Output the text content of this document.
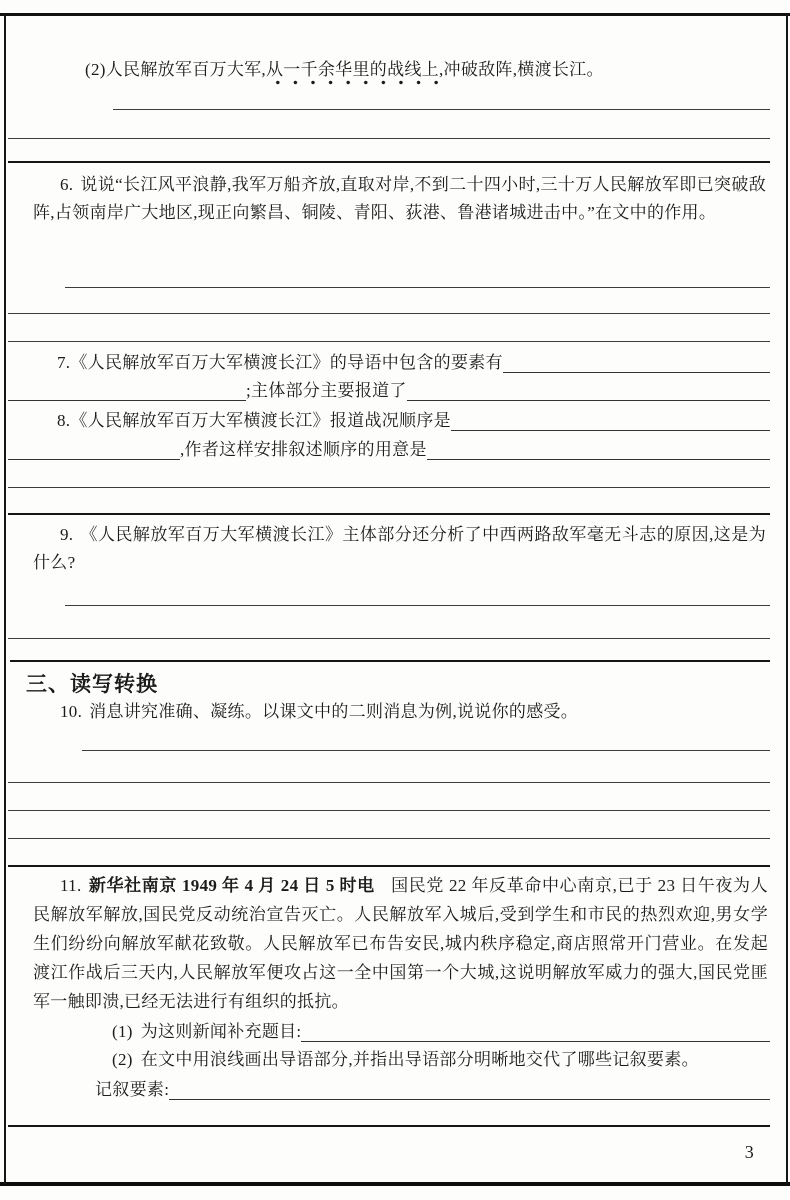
(2)人民解放军百万大军,从一千余华里的战线上,冲破敌阵,横渡长江。

6. 说说“长江风平浪静,我军万船齐放,直取对岸,不到二十四小时,三十万人民解放军即已突破敌阵,占领南岸广大地区,现正向繁昌、铜陵、青阳、荻港、鲁港诸城进击中。”在文中的作用。

7. 《人民解放军百万大军横渡长江》的导语中包含的要素有
;主体部分主要报道了
8. 《人民解放军百万大军横渡长江》报道战况顺序是
,作者这样安排叙述顺序的用意是

9. 《人民解放军百万大军横渡长江》主体部分还分析了中西两路敌军毫无斗志的原因,这是为什么?

三、读写转换

10. 消息讲究准确、凝练。以课文中的二则消息为例,说说你的感受。

11. 新华社南京 1949 年 4 月 24 日 5 时电 国民党 22 年反革命中心南京,已于 23 日午夜为人民解放军解放,国民党反动统治宣告灭亡。人民解放军入城后,受到学生和市民的热烈欢迎,男女学生们纷纷向解放军献花致敬。人民解放军已布告安民,城内秩序稳定,商店照常开门营业。在发起渡江作战后三天内,人民解放军便攻占这一全中国第一个大城,这说明解放军威力的强大,国民党匪军一触即溃,已经无法进行有组织的抵抗。

(1) 为这则新闻补充题目:
(2) 在文中用浪线画出导语部分,并指出导语部分明晰地交代了哪些记叙要素。
记叙要素:
3
